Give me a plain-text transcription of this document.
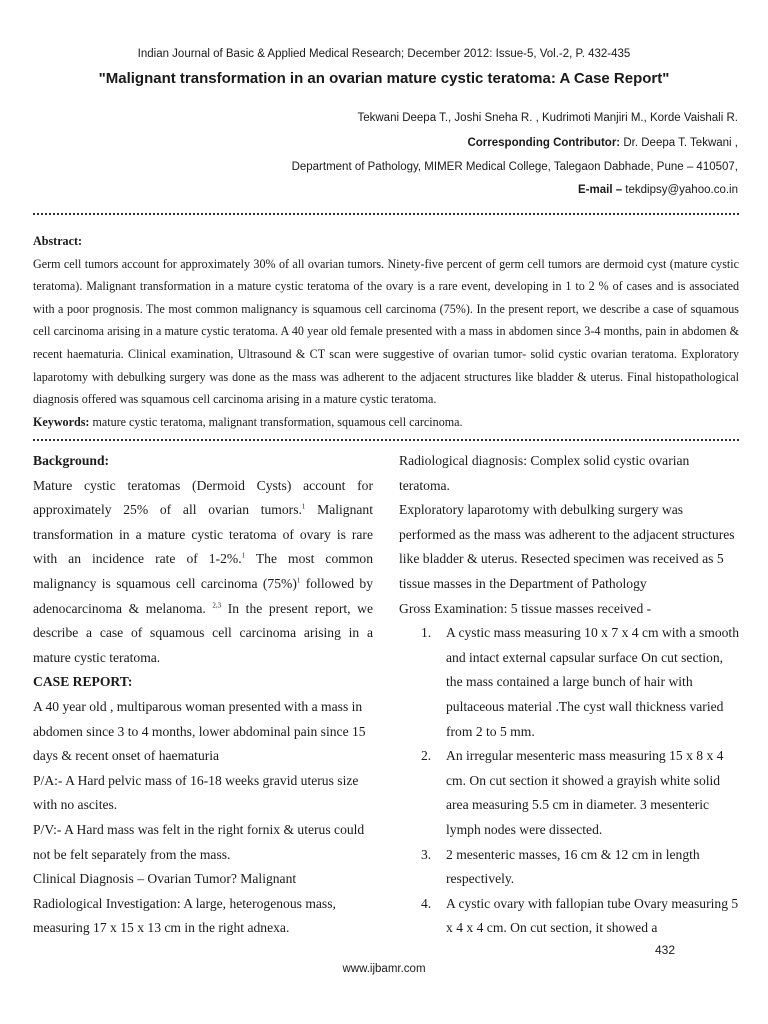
Indian Journal of Basic & Applied Medical Research; December 2012: Issue-5, Vol.-2, P. 432-435
"Malignant transformation in an ovarian mature cystic teratoma: A Case Report"
Tekwani Deepa T., Joshi Sneha R. , Kudrimoti Manjiri M., Korde Vaishali R.
Corresponding Contributor: Dr. Deepa T. Tekwani ,
Department of Pathology, MIMER Medical College, Talegaon Dabhade, Pune – 410507,
E-mail – tekdipsy@yahoo.co.in
Abstract:
Germ cell tumors account for approximately 30% of all ovarian tumors. Ninety-five percent of germ cell tumors are dermoid cyst (mature cystic teratoma). Malignant transformation in a mature cystic teratoma of the ovary is a rare event, developing in 1 to 2 % of cases and is associated with a poor prognosis. The most common malignancy is squamous cell carcinoma (75%). In the present report, we describe a case of squamous cell carcinoma arising in a mature cystic teratoma. A 40 year old female presented with a mass in abdomen since 3-4 months, pain in abdomen & recent haematuria. Clinical examination, Ultrasound & CT scan were suggestive of ovarian tumor- solid cystic ovarian teratoma. Exploratory laparotomy with debulking surgery was done as the mass was adherent to the adjacent structures like bladder & uterus. Final histopathological diagnosis offered was squamous cell carcinoma arising in a mature cystic teratoma.
Keywords: mature cystic teratoma, malignant transformation, squamous cell carcinoma.
Background:

Mature cystic teratomas (Dermoid Cysts) account for approximately 25% of all ovarian tumors.$^1$ Malignant transformation in a mature cystic teratoma of ovary is rare with an incidence rate of 1-2%.$^1$ The most common malignancy is squamous cell carcinoma $(75\%)^1$ followed by adenocarcinoma & melanoma. $^{2,3}$ In the present report, we describe a case of squamous cell carcinoma arising in a mature cystic teratoma.

CASE REPORT:

A 40 year old , multiparous woman presented with a mass in abdomen since 3 to 4 months, lower abdominal pain since 15 days & recent onset of haematuria

P/A:- A Hard pelvic mass of 16-18 weeks gravid uterus size with no ascites.

P/V:- A Hard mass was felt in the right fornix & uterus could not be felt separately from the mass.

Clinical Diagnosis – Ovarian Tumor? Malignant

Radiological Investigation: A large, heterogenous mass, measuring 17 x 15 x 13 cm in the right adnexa.

Radiological diagnosis: Complex solid cystic ovarian teratoma.

Exploratory laparotomy with debulking surgery was performed as the mass was adherent to the adjacent structures like bladder & uterus. Resected specimen was received as 5 tissue masses in the Department of Pathology

Gross Examination: 5 tissue masses received -

1. A cystic mass measuring 10 x 7 x 4 cm with a smooth and intact external capsular surface On cut section, the mass contained a large bunch of hair with pultaceous material .The cyst wall thickness varied from 2 to 5 mm.
2. An irregular mesenteric mass measuring 15 x 8 x 4 cm. On cut section it showed a grayish white solid area measuring 5.5 cm in diameter. 3 mesenteric lymph nodes were dissected.
3. 2 mesenteric masses, 16 cm & 12 cm in length respectively.
4. A cystic ovary with fallopian tube Ovary measuring 5 x 4 x 4 cm. On cut section, it showed a
432
www.ijbamr.com
